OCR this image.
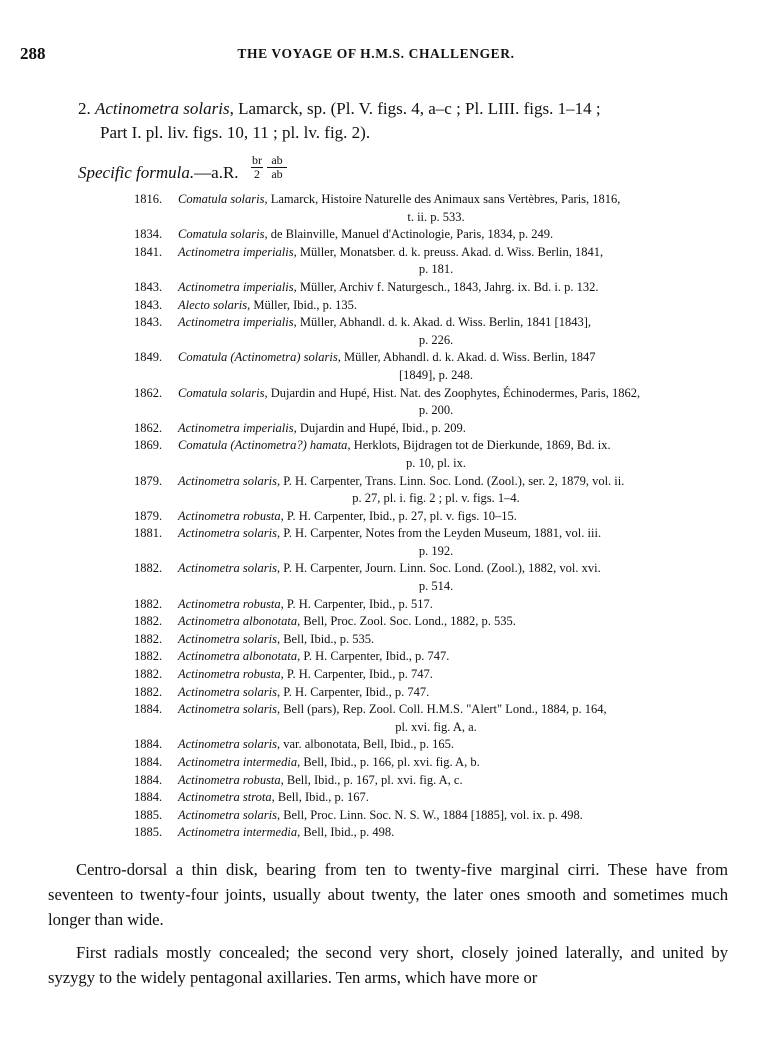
288	THE VOYAGE OF H.M.S. CHALLENGER.
2. Actinometra solaris, Lamarck, sp. (Pl. V. figs. 4, a–c ; Pl. LIII. figs. 1–14 ;
Part I. pl. liv. figs. 10, 11 ; pl. lv. fig. 2).
Specific formula.—a.R. $\frac{br}{2} \frac{ab}{ab}$
1816. Comatula solaris, Lamarck, Histoire Naturelle des Animaux sans Vertèbres, Paris, 1816,
t. ii. p. 533.
1834. Comatula solaris, de Blainville, Manuel d'Actinologie, Paris, 1834, p. 249.
1841. Actinometra imperialis, Müller, Monatsber. d. k. preuss. Akad. d. Wiss. Berlin, 1841,
p. 181.
1843. Actinometra imperialis, Müller, Archiv f. Naturgesch., 1843, Jahrg. ix. Bd. i. p. 132.
1843. Alecto solaris, Müller, Ibid., p. 135.
1843. Actinometra imperialis, Müller, Abhandl. d. k. Akad. d. Wiss. Berlin, 1841 [1843],
p. 226.
1849. Comatula (Actinometra) solaris, Müller, Abhandl. d. k. Akad. d. Wiss. Berlin, 1847
[1849], p. 248.
1862. Comatula solaris, Dujardin and Hupé, Hist. Nat. des Zoophytes, Échinodermes, Paris, 1862,
p. 200.
1862. Actinometra imperialis, Dujardin and Hupé, Ibid., p. 209.
1869. Comatula (Actinometra?) hamata, Herklots, Bijdragen tot de Dierkunde, 1869, Bd. ix.
p. 10, pl. ix.
1879. Actinometra solaris, P. H. Carpenter, Trans. Linn. Soc. Lond. (Zool.), ser. 2, 1879, vol. ii.
p. 27, pl. i. fig. 2 ; pl. v. figs. 1–4.
1879. Actinometra robusta, P. H. Carpenter, Ibid., p. 27, pl. v. figs. 10–15.
1881. Actinometra solaris, P. H. Carpenter, Notes from the Leyden Museum, 1881, vol. iii.
p. 192.
1882. Actinometra solaris, P. H. Carpenter, Journ. Linn. Soc. Lond. (Zool.), 1882, vol. xvi.
p. 514.
1882. Actinometra robusta, P. H. Carpenter, Ibid., p. 517.
1882. Actinometra albonotata, Bell, Proc. Zool. Soc. Lond., 1882, p. 535.
1882. Actinometra solaris, Bell, Ibid., p. 535.
1882. Actinometra albonotata, P. H. Carpenter, Ibid., p. 747.
1882. Actinometra robusta, P. H. Carpenter, Ibid., p. 747.
1882. Actinometra solaris, P. H. Carpenter, Ibid., p. 747.
1884. Actinometra solaris, Bell (pars), Rep. Zool. Coll. H.M.S. "Alert" Lond., 1884, p. 164,
pl. xvi. fig. A, a.
1884. Actinometra solaris, var. albonotata, Bell, Ibid., p. 165.
1884. Actinometra intermedia, Bell, Ibid., p. 166, pl. xvi. fig. A, b.
1884. Actinometra robusta, Bell, Ibid., p. 167, pl. xvi. fig. A, c.
1884. Actinometra strota, Bell, Ibid., p. 167.
1885. Actinometra solaris, Bell, Proc. Linn. Soc. N. S. W., 1884 [1885], vol. ix. p. 498.
1885. Actinometra intermedia, Bell, Ibid., p. 498.

Centro-dorsal a thin disk, bearing from ten to twenty-five marginal cirri. These have from seventeen to twenty-four joints, usually about twenty, the later ones smooth and sometimes much longer than wide.

First radials mostly concealed; the second very short, closely joined laterally, and united by syzygy to the widely pentagonal axillaries. Ten arms, which have more or
